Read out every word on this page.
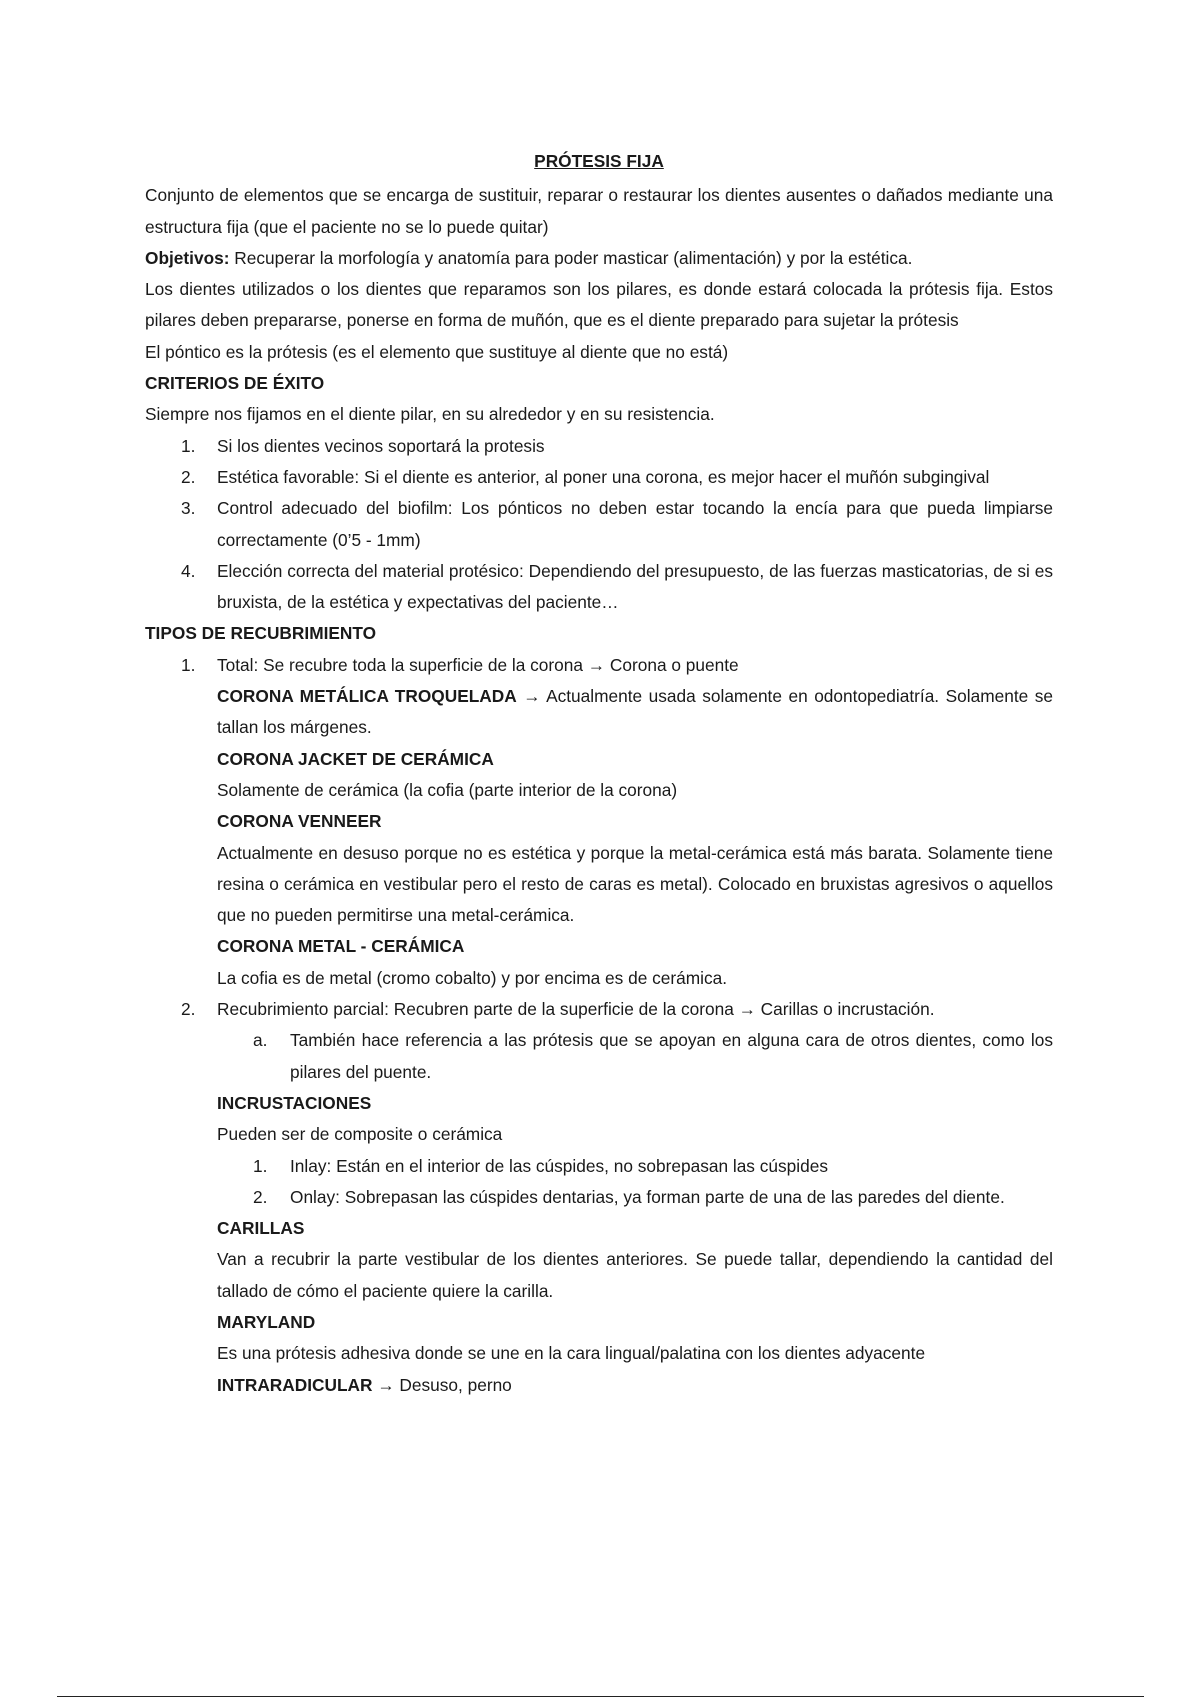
PRÓTESIS FIJA

Conjunto de elementos que se encarga de sustituir, reparar o restaurar los dientes ausentes o dañados mediante una estructura fija (que el paciente no se lo puede quitar)

Objetivos: Recuperar la morfología y anatomía para poder masticar (alimentación) y por la estética.

Los dientes utilizados o los dientes que reparamos son los pilares, es donde estará colocada la prótesis fija. Estos pilares deben prepararse, ponerse en forma de muñón, que es el diente preparado para sujetar la prótesis

El póntico es la prótesis (es el elemento que sustituye al diente que no está)

CRITERIOS DE ÉXITO

Siempre nos fijamos en el diente pilar, en su alrededor y en su resistencia.

1. Si los dientes vecinos soportará la protesis
2. Estética favorable: Si el diente es anterior, al poner una corona, es mejor hacer el muñón subgingival
3. Control adecuado del biofilm: Los pónticos no deben estar tocando la encía para que pueda limpiarse correctamente (0’5 - 1mm)
4. Elección correcta del material protésico: Dependiendo del presupuesto, de las fuerzas masticatorias, de si es bruxista, de la estética y expectativas del paciente…

TIPOS DE RECUBRIMIENTO

1. Total: Se recubre toda la superficie de la corona → Corona o puente

CORONA METÁLICA TROQUELADA → Actualmente usada solamente en odontopediatría. Solamente se tallan los márgenes.

CORONA JACKET DE CERÁMICA

Solamente de cerámica (la cofia (parte interior de la corona)

CORONA VENNEER

Actualmente en desuso porque no es estética y porque la metal-cerámica está más barata. Solamente tiene resina o cerámica en vestibular pero el resto de caras es metal). Colocado en bruxistas agresivos o aquellos que no pueden permitirse una metal-cerámica.

CORONA METAL - CERÁMICA

La cofia es de metal (cromo cobalto) y por encima es de cerámica.

2. Recubrimiento parcial: Recubren parte de la superficie de la corona → Carillas o incrustación.

a. También hace referencia a las prótesis que se apoyan en alguna cara de otros dientes, como los pilares del puente.

INCRUSTACIONES

Pueden ser de composite o cerámica

1. Inlay: Están en el interior de las cúspides, no sobrepasan las cúspides
2. Onlay: Sobrepasan las cúspides dentarias, ya forman parte de una de las paredes del diente.

CARILLAS

Van a recubrir la parte vestibular de los dientes anteriores. Se puede tallar, dependiendo la cantidad del tallado de cómo el paciente quiere la carilla.

MARYLAND

Es una prótesis adhesiva donde se une en la cara lingual/palatina con los dientes adyacente

INTRARADICULAR → Desuso, perno
